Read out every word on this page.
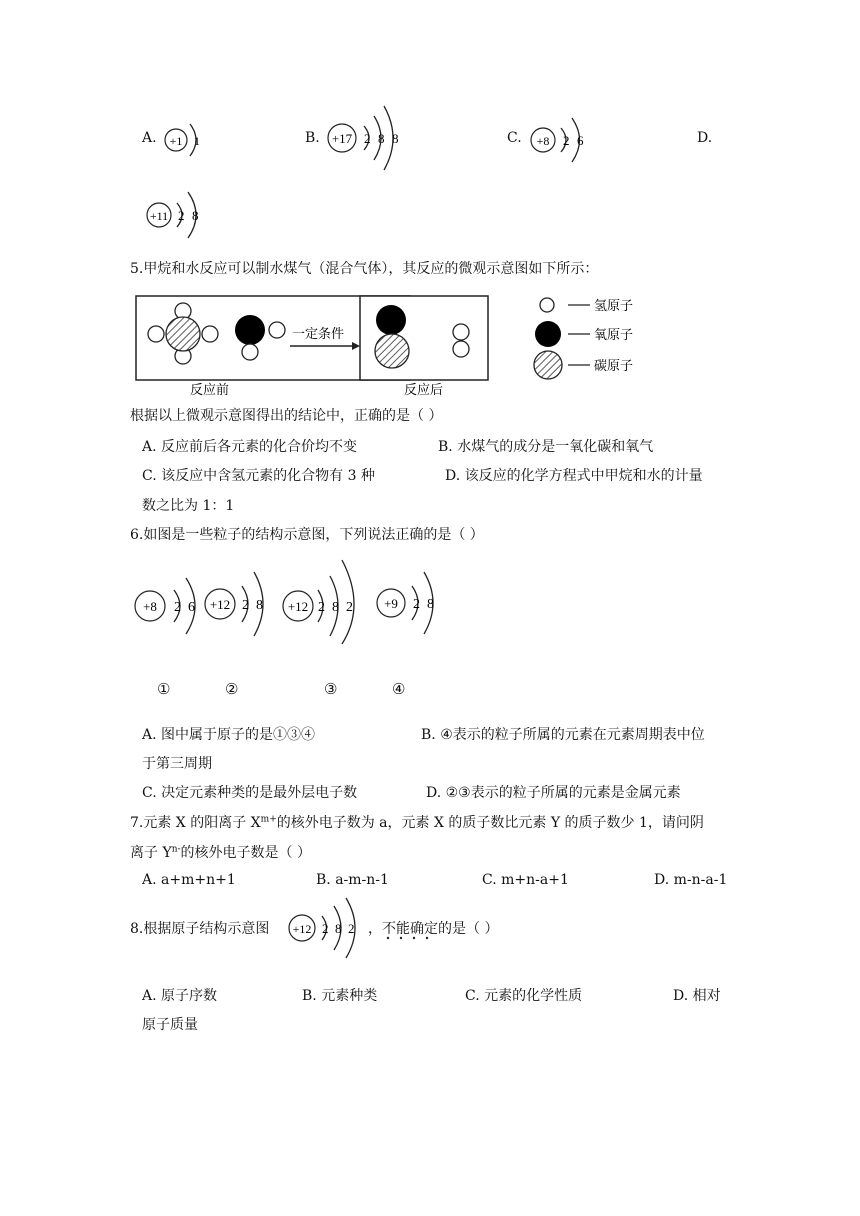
A. +1 1	B. +17 2 8 8	C. +8 2 6	D.
+11 2 8
5.甲烷和水反应可以制水煤气（混合气体），其反应的微观示意图如下所示：
一定条件
反应前	反应后
氢原子
氧原子
碳原子
根据以上微观示意图得出的结论中，正确的是（ ）
A. 反应前后各元素的化合价均不变	B. 水煤气的成分是一氧化碳和氧气
C. 该反应中含氢元素的化合物有 3 种	D. 该反应的化学方程式中甲烷和水的计量
数之比为 1：1
6.如图是一些粒子的结构示意图，下列说法正确的是（ ）
+8 2 6 +12 2 8 +12 2 8 2 +9 2 8
①	②	③	④
A. 图中属于原子的是①③④	B. ④表示的粒子所属的元素在元素周期表中位
于第三周期
C. 决定元素种类的是最外层电子数	D. ②③表示的粒子所属的元素是金属元素
7.元素 X 的阳离子 $X^{m+}$的核外电子数为 a，元素 X 的质子数比元素 Y 的质子数少 1，请问阴
离子 $Y^{n-}$的核外电子数是（ ）
A. a+m+n+1	B. a-m-n-1	C. m+n-a+1	D. m-n-a-1
8.根据原子结构示意图 +12 2 8 2 ，不能确定的是（ ）
A. 原子序数	B. 元素种类	C. 元素的化学性质	D. 相对
原子质量
